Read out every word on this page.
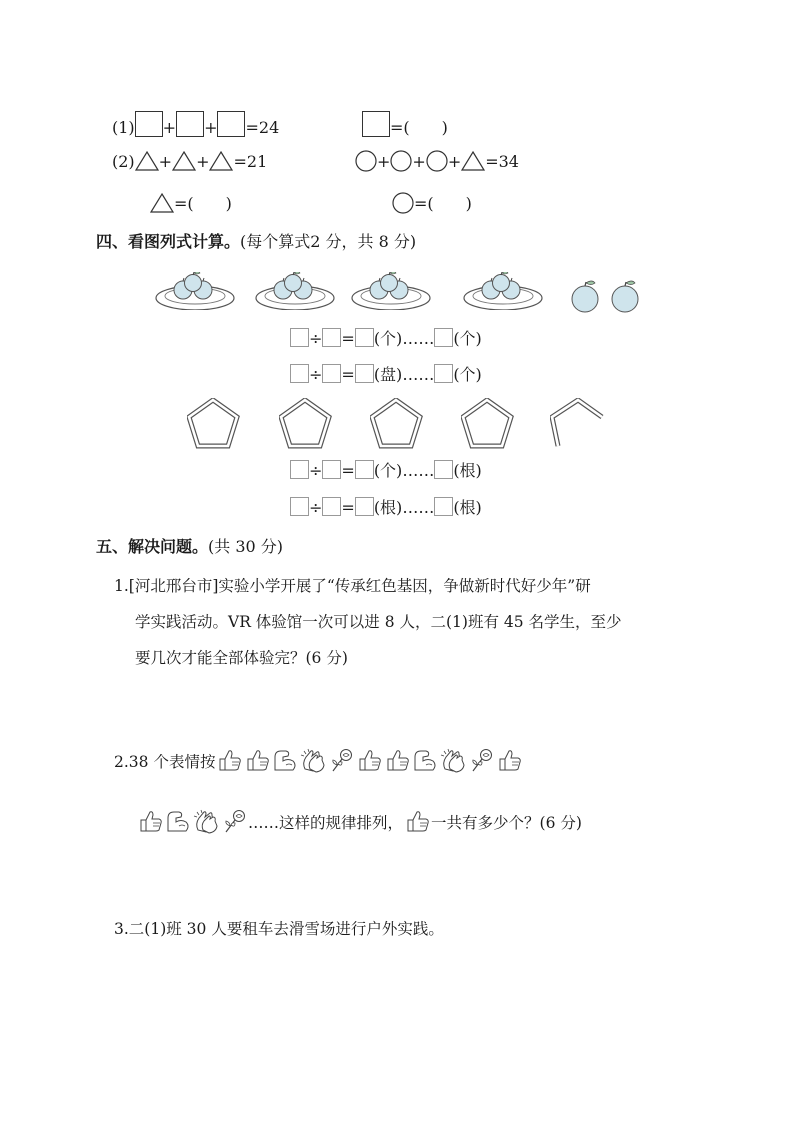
(1) + + =24	=(　　)
(2) + + =21	+ + + =34
=(　　)	=(　　)
四、看图列式计算。(每个算式2 分，共 8 分)
÷ = (个)…… (个)
÷ = (盘)…… (个)
÷ = (个)…… (根)
÷ = (根)…… (根)
五、解决问题。(共 30 分)
1.[河北邢台市]实验小学开展了“传承红色基因，争做新时代好少年”研
学实践活动。VR 体验馆一次可以进 8 人，二(1)班有 45 名学生，至少
要几次才能全部体验完？(6 分)
2.38 个表情按
……这样的规律排列， 一共有多少个？(6 分)
3.二(1)班 30 人要租车去滑雪场进行户外实践。
